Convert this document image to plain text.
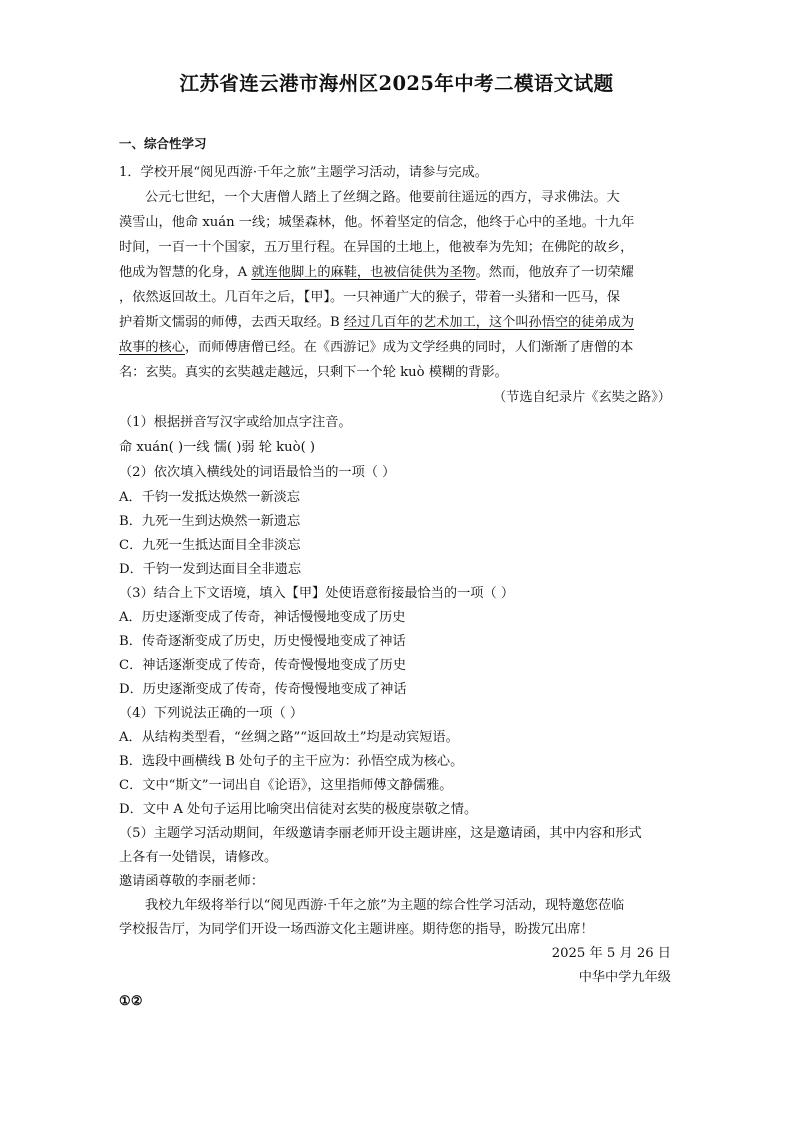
江苏省连云港市海州区2025年中考二模语文试题
一、综合性学习
1．学校开展“阅见西游·千年之旅”主题学习活动，请参与完成。
公元七世纪，一个大唐僧人踏上了丝绸之路。他要前往遥远的西方，寻求佛法。大
漠雪山，他命 xuán 一线；城堡森林，他。怀着坚定的信念，他终于心中的圣地。十九年
时间，一百一十个国家，五万里行程。在异国的土地上，他被奉为先知；在佛陀的故乡，
他成为智慧的化身，A 就连他脚上的麻鞋，也被信徒供为圣物。然而，他放弃了一切荣耀
，依然返回故土。几百年之后，【甲】。一只神通广大的猴子，带着一头猪和一匹马，保
护着斯文懦弱的师傅，去西天取经。B 经过几百年的艺术加工，这个叫孙悟空的徒弟成为
故事的核心，而师傅唐僧已经。在《西游记》成为文学经典的同时，人们渐渐了唐僧的本
名：玄奘。真实的玄奘越走越远，只剩下一个轮 kuò 模糊的背影。
（节选自纪录片《玄奘之路》）
（1）根据拼音写汉字或给加点字注音。
命 xuán( )一线 懦( )弱 轮 kuò( )
（2）依次填入横线处的词语最恰当的一项（ ）
A．千钧一发抵达焕然一新淡忘
B．九死一生到达焕然一新遗忘
C．九死一生抵达面目全非淡忘
D．千钧一发到达面目全非遗忘
（3）结合上下文语境，填入【甲】处使语意衔接最恰当的一项（ ）
A．历史逐渐变成了传奇，神话慢慢地变成了历史
B．传奇逐渐变成了历史，历史慢慢地变成了神话
C．神话逐渐变成了传奇，传奇慢慢地变成了历史
D．历史逐渐变成了传奇，传奇慢慢地变成了神话
（4）下列说法正确的一项（ ）
A．从结构类型看，“丝绸之路”“返回故土”均是动宾短语。
B．选段中画横线 B 处句子的主干应为：孙悟空成为核心。
C．文中“斯文”一词出自《论语》，这里指师傅文静儒雅。
D．文中 A 处句子运用比喻突出信徒对玄奘的极度崇敬之情。
（5）主题学习活动期间，年级邀请李丽老师开设主题讲座，这是邀请函，其中内容和形式
上各有一处错误，请修改。
邀请函尊敬的李丽老师：
我校九年级将举行以“阅见西游·千年之旅”为主题的综合性学习活动，现特邀您莅临
学校报告厅，为同学们开设一场西游文化主题讲座。期待您的指导，盼拨冗出席！
2025 年 5 月 26 日
中华中学九年级
①②
